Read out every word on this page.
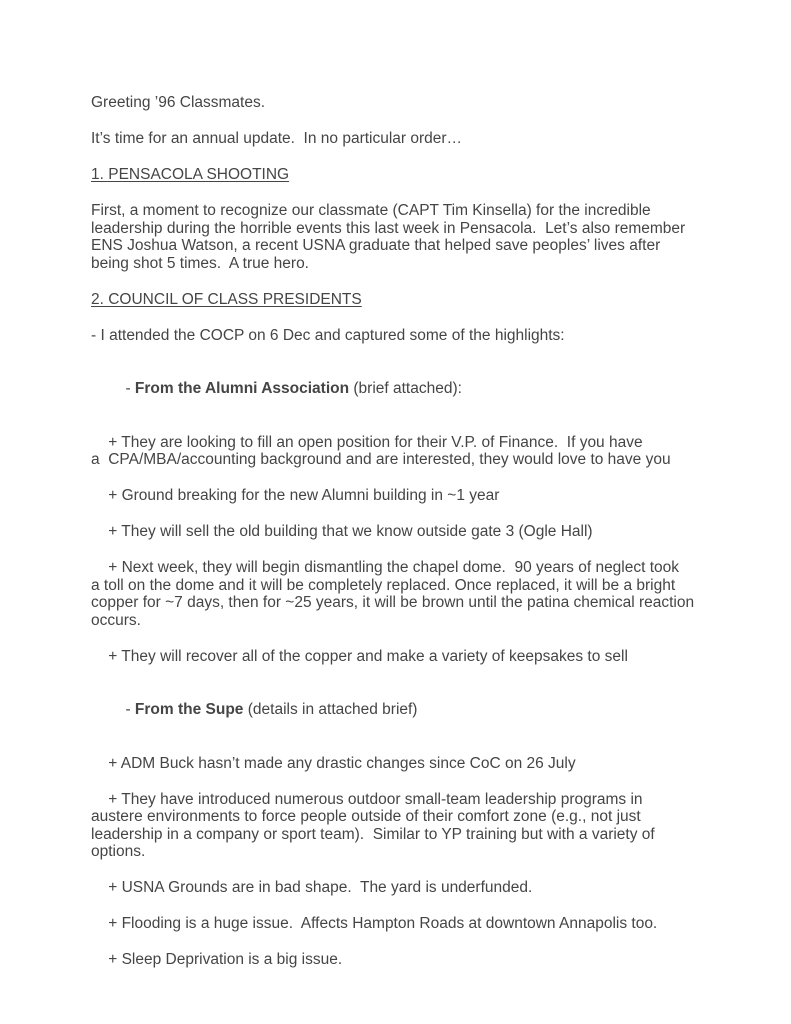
Greeting ’96 Classmates.
It’s time for an annual update.  In no particular order…
1. PENSACOLA SHOOTING
First, a moment to recognize our classmate (CAPT Tim Kinsella) for the incredible
leadership during the horrible events this last week in Pensacola.  Let’s also remember
ENS Joshua Watson, a recent USNA graduate that helped save peoples’ lives after
being shot 5 times.  A true hero.
2. COUNCIL OF CLASS PRESIDENTS
- I attended the COCP on 6 Dec and captured some of the highlights:

- From the Alumni Association (brief attached):

+ They are looking to fill an open position for their V.P. of Finance.  If you have
a  CPA/MBA/accounting background and are interested, they would love to have you
+ Ground breaking for the new Alumni building in ~1 year
+ They will sell the old building that we know outside gate 3 (Ogle Hall)
+ Next week, they will begin dismantling the chapel dome.  90 years of neglect took
a toll on the dome and it will be completely replaced. Once replaced, it will be a bright
copper for ~7 days, then for ~25 years, it will be brown until the patina chemical reaction
occurs.
+ They will recover all of the copper and make a variety of keepsakes to sell

- From the Supe (details in attached brief)

+ ADM Buck hasn’t made any drastic changes since CoC on 26 July
+ They have introduced numerous outdoor small-team leadership programs in
austere environments to force people outside of their comfort zone (e.g., not just
leadership in a company or sport team).  Similar to YP training but with a variety of
options.
+ USNA Grounds are in bad shape.  The yard is underfunded.
+ Flooding is a huge issue.  Affects Hampton Roads at downtown Annapolis too.
+ Sleep Deprivation is a big issue.
